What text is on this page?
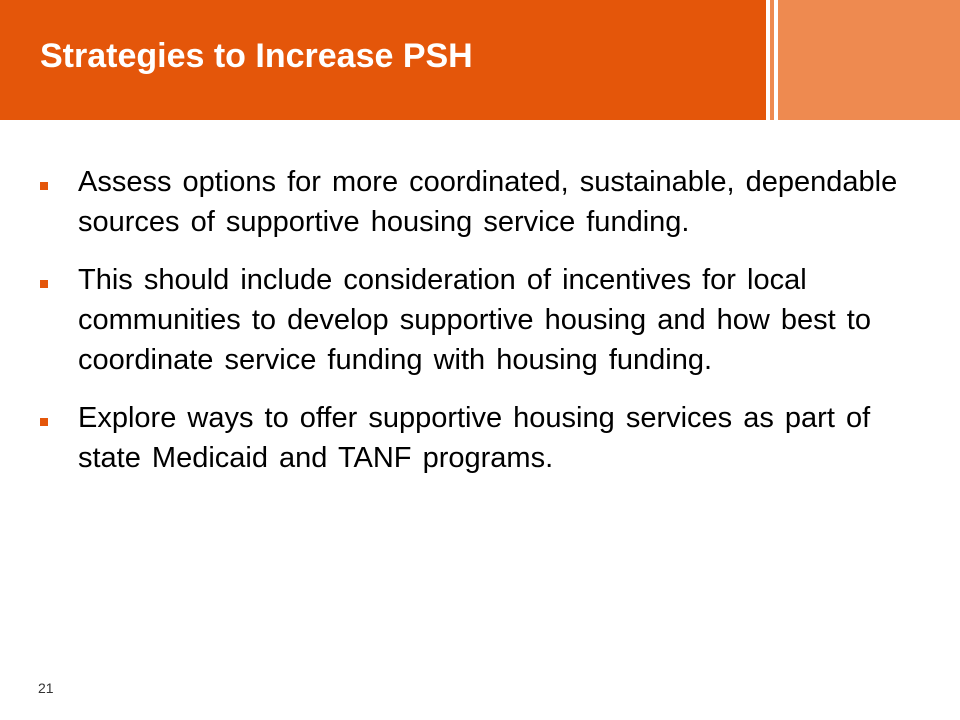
Strategies to Increase PSH
Assess options for more coordinated, sustainable, dependable sources of supportive housing service funding.
This should include consideration of incentives for local communities to develop supportive housing and how best to coordinate service funding with housing funding.
Explore ways to offer supportive housing services as part of state Medicaid and TANF programs.
21
